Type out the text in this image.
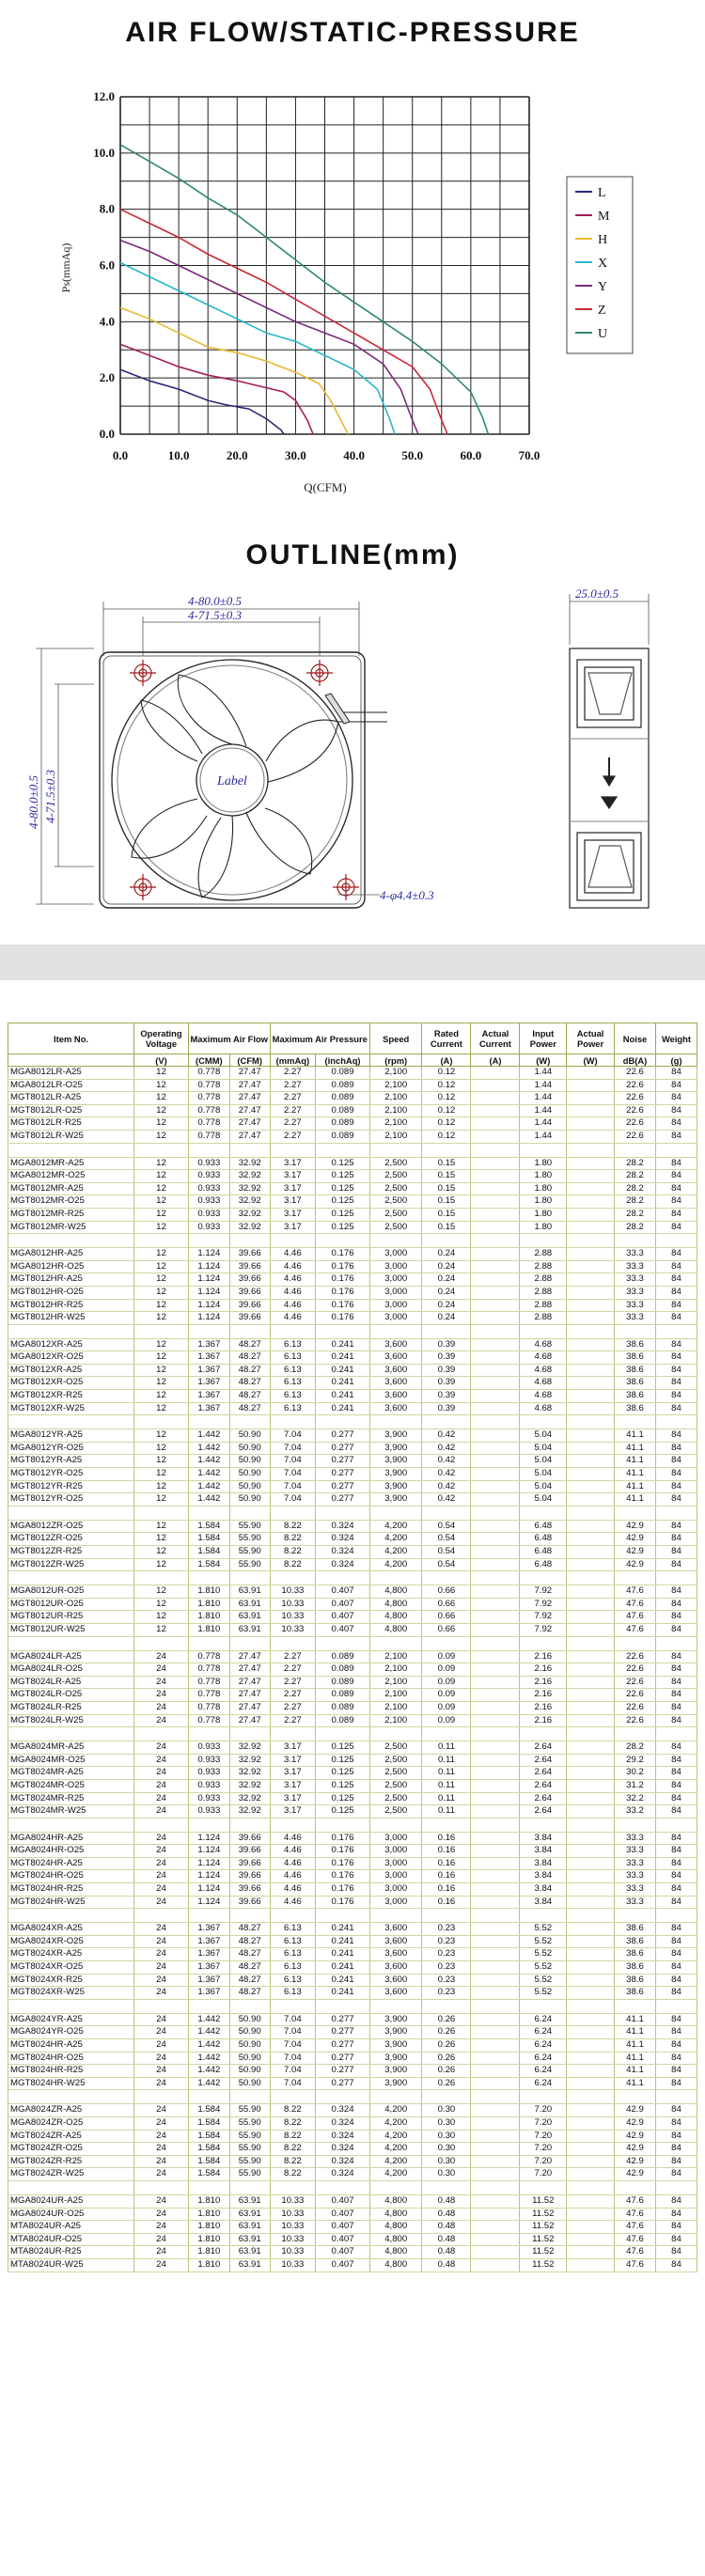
AIR FLOW/STATIC-PRESSURE
0.0	10.0	20.0	30.0	40.0	50.0	60.0	70.0
0.0
2.0
4.0
6.0
8.0
10.0
12.0
L
M
H
X
Y
Z
U
Q(CFM)
Ps(mmAq)
OUTLINE(mm)
4-80.0±0.5
4-71.5±0.3
4-80.0±0.5 4-71.5±0.3	Label
4-φ4.4±0.3
25.0±0.5
Item No.	Operating Voltage	Maximum Air Flow		Maximum Air Pressure		Speed	Rated Current	Actual Current	Input Power	Actual Power	Noise	Weight
	(V)	(CMM)	(CFM)	(mmAq)	(inchAq)	(rpm)	(A)	(A)	(W)	(W)	dB(A)	(g)
MGA8012LR-A25	12	0.778	27.47	2.27	0.089	2,100	0.12		1.44		22.6	84
MGA8012LR-O25	12	0.778	27.47	2.27	0.089	2,100	0.12		1.44		22.6	84
MGT8012LR-A25	12	0.778	27.47	2.27	0.089	2,100	0.12		1.44		22.6	84
MGT8012LR-O25	12	0.778	27.47	2.27	0.089	2,100	0.12		1.44		22.6	84
MGT8012LR-R25	12	0.778	27.47	2.27	0.089	2,100	0.12		1.44		22.6	84
MGT8012LR-W25	12	0.778	27.47	2.27	0.089	2,100	0.12		1.44		22.6	84

MGA8012MR-A25	12	0.933	32.92	3.17	0.125	2,500	0.15		1.80		28.2	84
MGA8012MR-O25	12	0.933	32.92	3.17	0.125	2,500	0.15		1.80		28.2	84
MGT8012MR-A25	12	0.933	32.92	3.17	0.125	2,500	0.15		1.80		28.2	84
MGT8012MR-O25	12	0.933	32.92	3.17	0.125	2,500	0.15		1.80		28.2	84
MGT8012MR-R25	12	0.933	32.92	3.17	0.125	2,500	0.15		1.80		28.2	84
MGT8012MR-W25	12	0.933	32.92	3.17	0.125	2,500	0.15		1.80		28.2	84

MGA8012HR-A25	12	1.124	39.66	4.46	0.176	3,000	0.24		2.88		33.3	84
MGA8012HR-O25	12	1.124	39.66	4.46	0.176	3,000	0.24		2.88		33.3	84
MGT8012HR-A25	12	1.124	39.66	4.46	0.176	3,000	0.24		2.88		33.3	84
MGT8012HR-O25	12	1.124	39.66	4.46	0.176	3,000	0.24		2.88		33.3	84
MGT8012HR-R25	12	1.124	39.66	4.46	0.176	3,000	0.24		2.88		33.3	84
MGT8012HR-W25	12	1.124	39.66	4.46	0.176	3,000	0.24		2.88		33.3	84

MGA8012XR-A25	12	1.367	48.27	6.13	0.241	3,600	0.39		4.68		38.6	84
MGA8012XR-O25	12	1.367	48.27	6.13	0.241	3,600	0.39		4.68		38.6	84
MGT8012XR-A25	12	1.367	48.27	6.13	0.241	3,600	0.39		4.68		38.6	84
MGT8012XR-O25	12	1.367	48.27	6.13	0.241	3,600	0.39		4.68		38.6	84
MGT8012XR-R25	12	1.367	48.27	6.13	0.241	3,600	0.39		4.68		38.6	84
MGT8012XR-W25	12	1.367	48.27	6.13	0.241	3,600	0.39		4.68		38.6	84

MGA8012YR-A25	12	1.442	50.90	7.04	0.277	3,900	0.42		5.04		41.1	84
MGA8012YR-O25	12	1.442	50.90	7.04	0.277	3,900	0.42		5.04		41.1	84
MGT8012YR-A25	12	1.442	50.90	7.04	0.277	3,900	0.42		5.04		41.1	84
MGT8012YR-O25	12	1.442	50.90	7.04	0.277	3,900	0.42		5.04		41.1	84
MGT8012YR-R25	12	1.442	50.90	7.04	0.277	3,900	0.42		5.04		41.1	84
MGT8012YR-O25	12	1.442	50.90	7.04	0.277	3,900	0.42		5.04		41.1	84

MGA8012ZR-O25	12	1.584	55.90	8.22	0.324	4,200	0.54		6.48		42.9	84
MGT8012ZR-O25	12	1.584	55.90	8.22	0.324	4,200	0.54		6.48		42.9	84
MGT8012ZR-R25	12	1.584	55.90	8.22	0.324	4,200	0.54		6.48		42.9	84
MGT8012ZR-W25	12	1.584	55.90	8.22	0.324	4,200	0.54		6.48		42.9	84

MGA8012UR-O25	12	1.810	63.91	10.33	0.407	4,800	0.66		7.92		47.6	84
MGT8012UR-O25	12	1.810	63.91	10.33	0.407	4,800	0.66		7.92		47.6	84
MGT8012UR-R25	12	1.810	63.91	10.33	0.407	4,800	0.66		7.92		47.6	84
MGT8012UR-W25	12	1.810	63.91	10.33	0.407	4,800	0.66		7.92		47.6	84

MGA8024LR-A25	24	0.778	27.47	2.27	0.089	2,100	0.09		2.16		22.6	84
MGA8024LR-O25	24	0.778	27.47	2.27	0.089	2,100	0.09		2.16		22.6	84
MGT8024LR-A25	24	0.778	27.47	2.27	0.089	2,100	0.09		2.16		22.6	84
MGT8024LR-O25	24	0.778	27.47	2.27	0.089	2,100	0.09		2.16		22.6	84
MGT8024LR-R25	24	0.778	27.47	2.27	0.089	2,100	0.09		2.16		22.6	84
MGT8024LR-W25	24	0.778	27.47	2.27	0.089	2,100	0.09		2.16		22.6	84

MGA8024MR-A25	24	0.933	32.92	3.17	0.125	2,500	0.11		2.64		28.2	84
MGA8024MR-O25	24	0.933	32.92	3.17	0.125	2,500	0.11		2.64		29.2	84
MGT8024MR-A25	24	0.933	32.92	3.17	0.125	2,500	0.11		2.64		30.2	84
MGT8024MR-O25	24	0.933	32.92	3.17	0.125	2,500	0.11		2.64		31.2	84
MGT8024MR-R25	24	0.933	32.92	3.17	0.125	2,500	0.11		2.64		32.2	84
MGT8024MR-W25	24	0.933	32.92	3.17	0.125	2,500	0.11		2.64		33.2	84

MGA8024HR-A25	24	1.124	39.66	4.46	0.176	3,000	0.16		3.84		33.3	84
MGA8024HR-O25	24	1.124	39.66	4.46	0.176	3,000	0.16		3.84		33.3	84
MGT8024HR-A25	24	1.124	39.66	4.46	0.176	3,000	0.16		3.84		33.3	84
MGT8024HR-O25	24	1.124	39.66	4.46	0.176	3,000	0.16		3.84		33.3	84
MGT8024HR-R25	24	1.124	39.66	4.46	0.176	3,000	0.16		3.84		33.3	84
MGT8024HR-W25	24	1.124	39.66	4.46	0.176	3,000	0.16		3.84		33.3	84

MGA8024XR-A25	24	1.367	48.27	6.13	0.241	3,600	0.23		5.52		38.6	84
MGA8024XR-O25	24	1.367	48.27	6.13	0.241	3,600	0.23		5.52		38.6	84
MGT8024XR-A25	24	1.367	48.27	6.13	0.241	3,600	0.23		5.52		38.6	84
MGT8024XR-O25	24	1.367	48.27	6.13	0.241	3,600	0.23		5.52		38.6	84
MGT8024XR-R25	24	1.367	48.27	6.13	0.241	3,600	0.23		5.52		38.6	84
MGT8024XR-W25	24	1.367	48.27	6.13	0.241	3,600	0.23		5.52		38.6	84

MGA8024YR-A25	24	1.442	50.90	7.04	0.277	3,900	0.26		6.24		41.1	84
MGA8024YR-O25	24	1.442	50.90	7.04	0.277	3,900	0.26		6.24		41.1	84
MGT8024HR-A25	24	1.442	50.90	7.04	0.277	3,900	0.26		6.24		41.1	84
MGT8024HR-O25	24	1.442	50.90	7.04	0.277	3,900	0.26		6.24		41.1	84
MGT8024HR-R25	24	1.442	50.90	7.04	0.277	3,900	0.26		6.24		41.1	84
MGT8024HR-W25	24	1.442	50.90	7.04	0.277	3,900	0.26		6.24		41.1	84

MGA8024ZR-A25	24	1.584	55.90	8.22	0.324	4,200	0.30		7.20		42.9	84
MGA8024ZR-O25	24	1.584	55.90	8.22	0.324	4,200	0.30		7.20		42.9	84
MGT8024ZR-A25	24	1.584	55.90	8.22	0.324	4,200	0.30		7.20		42.9	84
MGT8024ZR-O25	24	1.584	55.90	8.22	0.324	4,200	0.30		7.20		42.9	84
MGT8024ZR-R25	24	1.584	55.90	8.22	0.324	4,200	0.30		7.20		42.9	84
MGT8024ZR-W25	24	1.584	55.90	8.22	0.324	4,200	0.30		7.20		42.9	84

MGA8024UR-A25	24	1.810	63.91	10.33	0.407	4,800	0.48		11.52		47.6	84
MGA8024UR-O25	24	1.810	63.91	10.33	0.407	4,800	0.48		11.52		47.6	84
MTA8024UR-A25	24	1.810	63.91	10.33	0.407	4,800	0.48		11.52		47.6	84
MTA8024UR-O25	24	1.810	63.91	10.33	0.407	4,800	0.48		11.52		47.6	84
MTA8024UR-R25	24	1.810	63.91	10.33	0.407	4,800	0.48		11.52		47.6	84
MTA8024UR-W25	24	1.810	63.91	10.33	0.407	4,800	0.48		11.52		47.6	84
